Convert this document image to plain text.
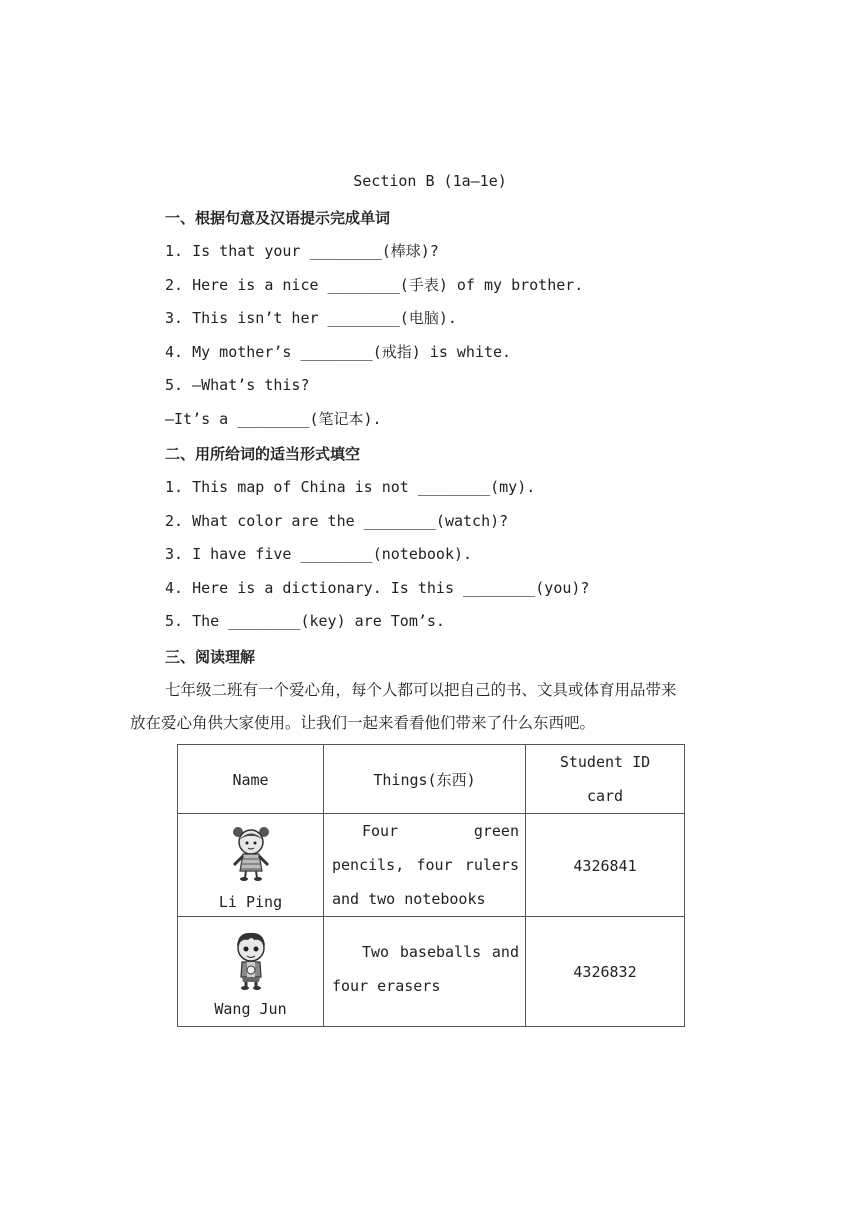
Section B (1a—1e)
一、根据句意及汉语提示完成单词
1. Is that your ________(棒球)?
2. Here is a nice ________(手表) of my brother.
3. This isn’t her ________(电脑).
4. My mother’s ________(戒指) is white.
5. —What’s this?
—It’s a ________(笔记本).
二、用所给词的适当形式填空
1. This map of China is not ________(my).
2. What color are the ________(watch)?
3. I have five ________(notebook).
4. Here is a dictionary. Is this ________(you)?
5. The ________(key) are Tom’s.
三、阅读理解
七年级二班有一个爱心角，每个人都可以把自己的书、文具或体育用品带来
放在爱心角供大家使用。让我们一起来看看他们带来了什么东西吧。
Name	Things(东西)	Student ID card

Li Ping	Four green pencils, four rulers and two notebooks	4326841

Wang Jun	Two baseballs and four erasers	4326832
